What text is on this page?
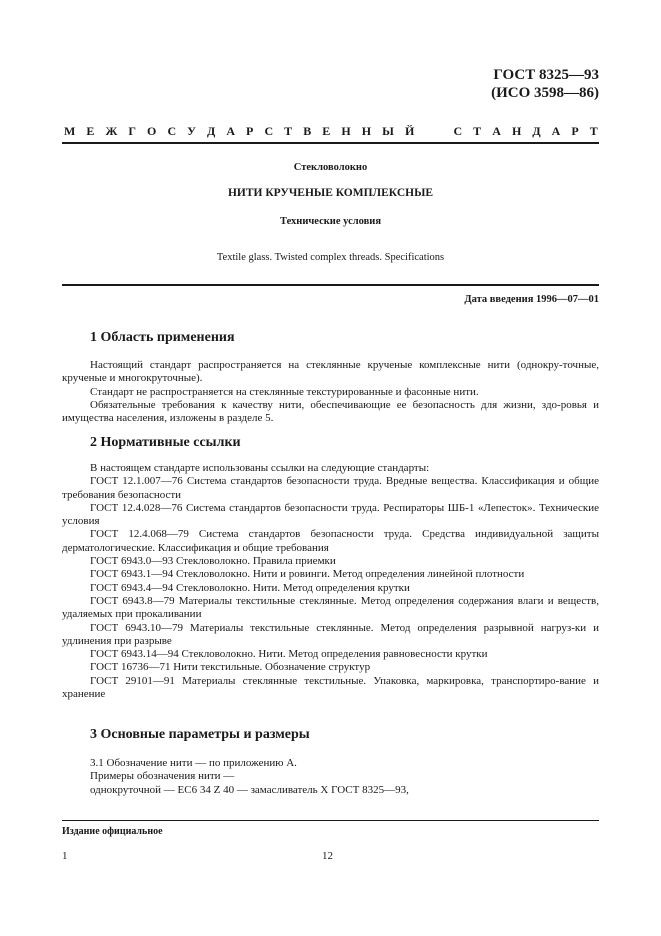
ГОСТ 8325—93
(ИСО 3598—86)
М Е Ж Г О С У Д А Р С Т В Е Н Н Ы Й

	С Т А Н Д А Р Т
Стекловолокно
НИТИ КРУЧЕНЫЕ КОМПЛЕКСНЫЕ
Технические условия
Textile glass. Twisted complex threads. Specifications
Дата введения 1996—07—01
1 Область применения

Настоящий стандарт распространяется на стеклянные крученые комплексные нити (однокру-точные, крученые и многокруточные).

Стандарт не распространяется на стеклянные текстурированные и фасонные нити.

Обязательные требования к качеству нити, обеспечивающие ее безопасность для жизни, здо-ровья и имущества населения, изложены в разделе 5.

2 Нормативные ссылки

В настоящем стандарте использованы ссылки на следующие стандарты:

ГОСТ 12.1.007—76 Система стандартов безопасности труда. Вредные вещества. Классификация и общие требования безопасности

ГОСТ 12.4.028—76 Система стандартов безопасности труда. Респираторы ШБ-1 «Лепесток». Технические условия

ГОСТ 12.4.068—79 Система стандартов безопасности труда. Средства индивидуальной защиты дерматологические. Классификация и общие требования

ГОСТ 6943.0—93 Стекловолокно. Правила приемки

ГОСТ 6943.1—94 Стекловолокно. Нити и ровинги. Метод определения линейной плотности

ГОСТ 6943.4—94 Стекловолокно. Нити. Метод определения крутки

ГОСТ 6943.8—79 Материалы текстильные стеклянные. Метод определения содержания влаги и веществ, удаляемых при прокаливании

ГОСТ 6943.10—79 Материалы текстильные стеклянные. Метод определения разрывной нагруз-ки и удлинения при разрыве

ГОСТ 6943.14—94 Стекловолокно. Нити. Метод определения равновесности крутки

ГОСТ 16736—71 Нити текстильные. Обозначение структур

ГОСТ 29101—91 Материалы стеклянные текстильные. Упаковка, маркировка, транспортиро-вание и хранение

3 Основные параметры и размеры

3.1 Обозначение нити — по приложению А.

Примеры обозначения нити —

однокруточной — ЕС6 34 Z 40 — замасливатель Х ГОСТ 8325—93,

Издание официальное
1	12
